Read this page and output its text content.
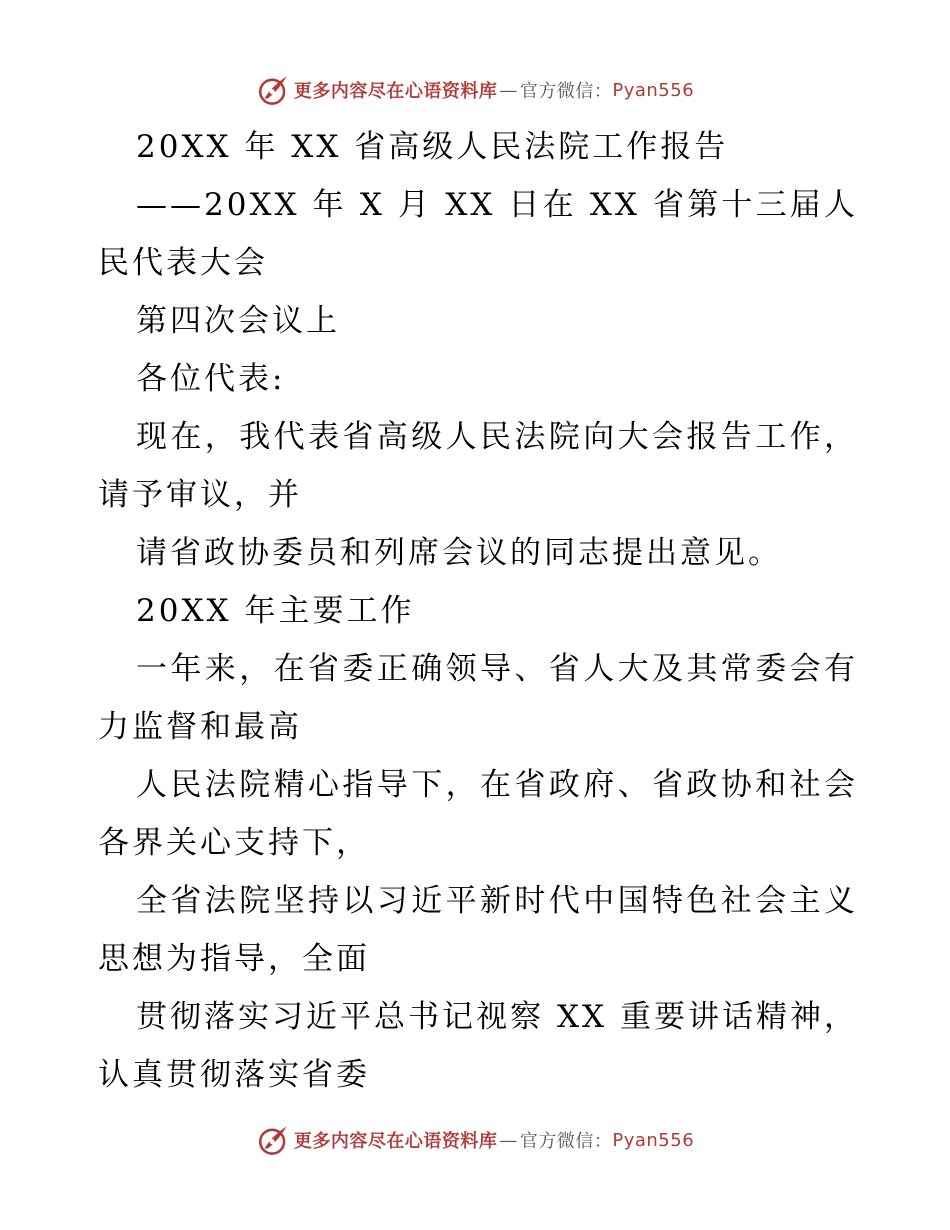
更多内容尽在心语资料库 — 官方微信： Pyan556

20XX 年 XX 省高级人民法院工作报告

——20XX 年 X 月 XX 日在 XX 省第十三届人民代表大会

第四次会议上

各位代表:

现在，我代表省高级人民法院向大会报告工作，请予审议，并

请省政协委员和列席会议的同志提出意见。

20XX 年主要工作

一年来，在省委正确领导、省人大及其常委会有力监督和最高

人民法院精心指导下，在省政府、省政协和社会各界关心支持下，

全省法院坚持以习近平新时代中国特色社会主义思想为指导，全面

贯彻落实习近平总书记视察 XX 重要讲话精神，认真贯彻落实省委

更多内容尽在心语资料库 — 官方微信： Pyan556
